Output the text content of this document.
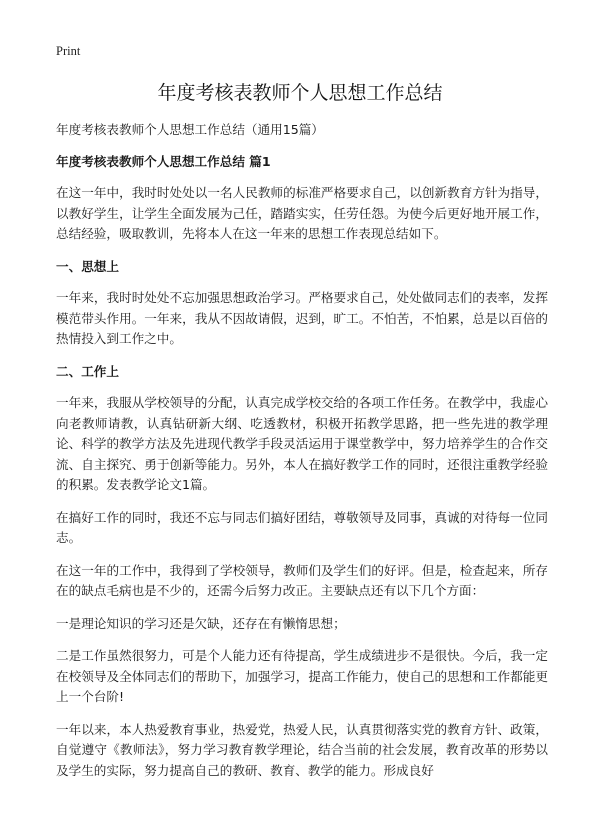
Print
年度考核表教师个人思想工作总结

年度考核表教师个人思想工作总结（通用15篇）

年度考核表教师个人思想工作总结 篇1

在这一年中，我时时处处以一名人民教师的标准严格要求自己，以创新教育方针为指导，以教好学生，让学生全面发展为己任，踏踏实实，任劳任怨。为使今后更好地开展工作，总结经验，吸取教训，先将本人在这一年来的思想工作表现总结如下。

一、思想上

一年来，我时时处处不忘加强思想政治学习。严格要求自己，处处做同志们的表率，发挥模范带头作用。一年来，我从不因故请假，迟到，旷工。不怕苦，不怕累，总是以百倍的热情投入到工作之中。

二、工作上

一年来，我服从学校领导的分配，认真完成学校交给的各项工作任务。在教学中，我虚心向老教师请教，认真钻研新大纲、吃透教材，积极开拓教学思路，把一些先进的教学理论、科学的教学方法及先进现代教学手段灵活运用于课堂教学中，努力培养学生的合作交流、自主探究、勇于创新等能力。另外，本人在搞好教学工作的同时，还很注重教学经验的积累。发表教学论文1篇。

在搞好工作的同时，我还不忘与同志们搞好团结，尊敬领导及同事，真诚的对待每一位同志。

在这一年的工作中，我得到了学校领导，教师们及学生们的好评。但是，检查起来，所存在的缺点毛病也是不少的，还需今后努力改正。主要缺点还有以下几个方面：

一是理论知识的学习还是欠缺，还存在有懒惰思想；

二是工作虽然很努力，可是个人能力还有待提高，学生成绩进步不是很快。今后，我一定在校领导及全体同志们的帮助下，加强学习，提高工作能力，使自己的思想和工作都能更上一个台阶!

一年以来，本人热爱教育事业，热爱党，热爱人民，认真贯彻落实党的教育方针、政策，自觉遵守《教师法》，努力学习教育教学理论，结合当前的社会发展，教育改革的形势以及学生的实际，努力提高自己的教研、教育、教学的能力。形成良好
